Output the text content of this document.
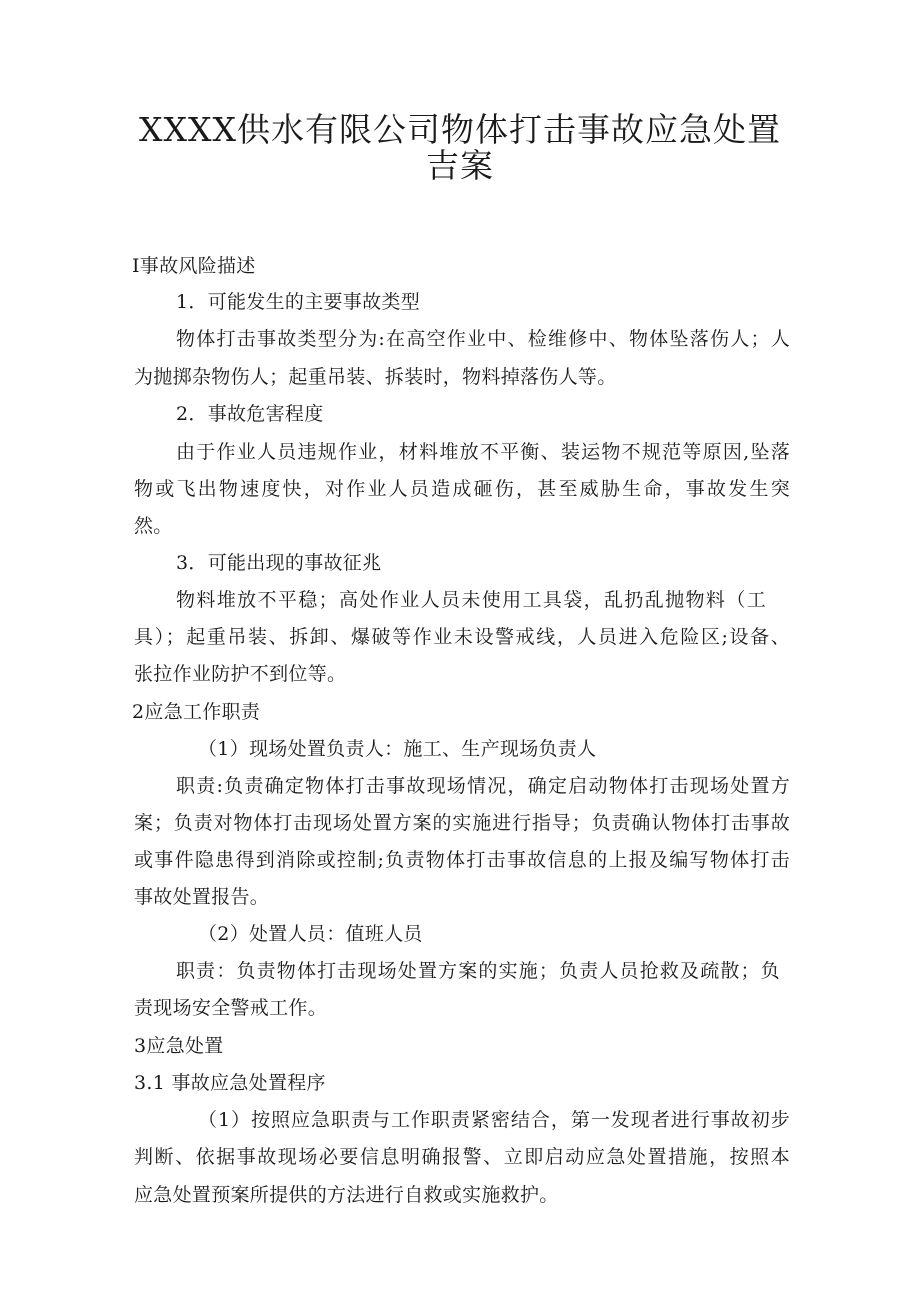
XXXX供水有限公司物体打击事故应急处置
吉案
I事故风险描述
1．可能发生的主要事故类型
物体打击事故类型分为:在高空作业中、检维修中、物体坠落伤人；人
为抛掷杂物伤人；起重吊装、拆装时，物料掉落伤人等。
2．事故危害程度
由于作业人员违规作业，材料堆放不平衡、装运物不规范等原因,坠落
物或飞出物速度快，对作业人员造成砸伤，甚至威胁生命，事故发生突
然。
3．可能出现的事故征兆
物料堆放不平稳；高处作业人员未使用工具袋，乱扔乱抛物料（工
具）；起重吊装、拆卸、爆破等作业未设警戒线，人员进入危险区;设备、
张拉作业防护不到位等。
2应急工作职责
（1）现场处置负责人：施工、生产现场负责人
职责:负责确定物体打击事故现场情况，确定启动物体打击现场处置方
案；负责对物体打击现场处置方案的实施进行指导；负责确认物体打击事故
或事件隐患得到消除或控制;负责物体打击事故信息的上报及编写物体打击
事故处置报告。
（2）处置人员：值班人员
职责：负责物体打击现场处置方案的实施；负责人员抢救及疏散；负
责现场安全警戒工作。
3应急处置
3.1 事故应急处置程序
（1）按照应急职责与工作职责紧密结合，第一发现者进行事故初步
判断、依据事故现场必要信息明确报警、立即启动应急处置措施，按照本
应急处置预案所提供的方法进行自救或实施救护。
